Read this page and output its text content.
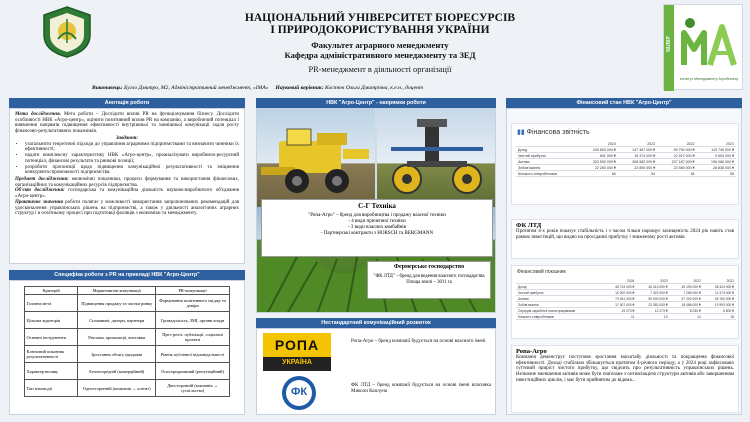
NUBIP
Інститут Менеджменту Агробізнесу
НАЦІОНАЛЬНИЙ УНІВЕРСИТЕТ БІОРЕСУРСІВ
І ПРИРОДОКОРИСТУВАННЯ УКРАЇНИ
Факультет аграрного менеджменту
Кафедра адміністративного менеджменту та ЗЕД
PR-менеджмент в діяльності організації
Виконавець: Бугло Дмитро, М2, Адміністративний менеджмент, «ІМА» Науковий керівник: Костюк Ольга Дмитрівна, к.е.н., доцент
Анотація роботи

Мета дослідження. Мета роботи – Дослідити вплив PR на функціонування бізнесу. Дослідити особливості НВК «Агро-центр», оцінити позитивний вплив PR на компанію, а виробничий потенціал і виявлення напрямів підвищення ефективності внутрішньої та зовнішньої комунікації задля росту фінансово-результативних показників.

Завдання:

• узагальнити теоретичні підходи до управління аграрними підприємствами та визначити чинники їх ефективності;
• надати комплексну характеристику НВК «Агро-центр», проаналізувати виробничо-ресурсний потенціал, фінансові результати та ринкові позиції;
• розробити пропозиції щодо підвищення комунікаційної результативності та зміцнення конкурентоспроможності підприємства.

Предмет дослідження: економічні показники, процеси формування та використання фінансових, організаційних та комунікаційних ресурсів підприємства.

Об'єкт дослідження: господарська та комунікаційна діяльність науково-виробничого об'єднання «Агро-центр».

Практичне значення роботи полягає у можливості використання запропонованих рекомендацій для удосконалення управлінських рішень на підприємстві, а також у діяльності аналогічних аграрних структур і в освітньому процесі при підготовці фахівців з економіки та менеджменту.

Специфіка роботи з PR на прикладі НВК "Агро-Центр"
Критерій	Маркетингові комунікації	PR-комунікації
Головна мета	Підвищення продажу та частки ринку	Формування позитивного іміджу та довіри
Цільова аудиторія	Споживачі, дилери, партнери	Громадськість, ЗМІ, органи влади
Основні інструменти	Реклама, промоакції, виставки	Прес-реліз, публікації, соціальні проекти
Ключовий показник результативності	Зростання обсягу продажів	Рівень публічної відповідальності
Характер впливу	Безпосередній (комерційний)	Опосередкований (репутаційний)
Тип взаємодії	Односторонній (компанія → клієнт)	Двосторонній (компанія ↔ суспільство)
НВК "Агро-Центр" - напрямки роботи
С-Г Техніка
"Ропа-Агро" – бренд для виробництва і продажу власної техніки
- 4 види причепної техніки
- 3 види власних комбайнів
- Партнерські контракти з HORSCH та BERGMANN
Фермерське господарство
"ФК ЛТД" – бренд для ведення власного господарства
Площа землі – 3011 га
Нестандартний комунікаційний розвиток
РОПА
УКРАЇНА
Ропа-Агро – бренд компанії будується на основі власного імені
ФК
ФК ЛТД – бренд компанії будується на основі імені власника Миколи Каплуна
Фінансовий стан НВК "Агро-Центр"
▮▮ Фінансова звітність
	2024	2023	2022	2021
Дохід	205 653 000 ₴	147 387 000 ₴	99 750 000 ₴	119 749 000 ₴
Чистий прибуток	841 000 ₴	18 374 000 ₴	22 912 000 ₴	9 653 000 ₴
Активи	323 590 000 ₴	308 582 000 ₴	207 187 000 ₴	196 066 000 ₴
Зобов'язання	22 280 000 ₴	22 890 000 ₴	22 580 000 ₴	28 838 000 ₴
Кількість співробітників	60	54	54	55
ФК ЛТД
Протягом 4-х років показує стабільність і з часом тільки нарощує захищеність 2024 рік навіть став рамою інвестицій, що видно на просіданні прибутку і зниженому рості активів
Фінансовий показник
	2024	2023	2022	2021
Дохід	48 724 000 ₴	46 313 000 ₴	49 190 000 ₴	48 424 000 ₴
Чистий прибуток	10 200 000 ₴	7 322 000 ₴	7 285 000 ₴	11 973 000 ₴
Активи	73 451 000 ₴	59 000 000 ₴	57 200 000 ₴	45 760 000 ₴
Зобов'язання	17 007 000 ₴	22 382 000 ₴	18 086 000 ₴	13 993 000 ₴
Середня заробітна плата працівників	19 273 ₴	12 273 ₴	8 030 ₴	5 800 ₴
Кількість співробітників	11	10	14	18
Ропа-Агро
Компанія демонструє поступове зростання масштабу діяльності та покращення фінансової ефективності. Доході стабільно збільшується протягом 4-річного періоду, а у 2024 році зафіксовано суттєвий приріст чистого прибутку, що свідчить про результативність управлінських рішень. Незначне зменшення активів може бути пов'язане з оптимізацією структури активів або завершенням інвестиційних циклів, і має бути прийнятим до відома...
